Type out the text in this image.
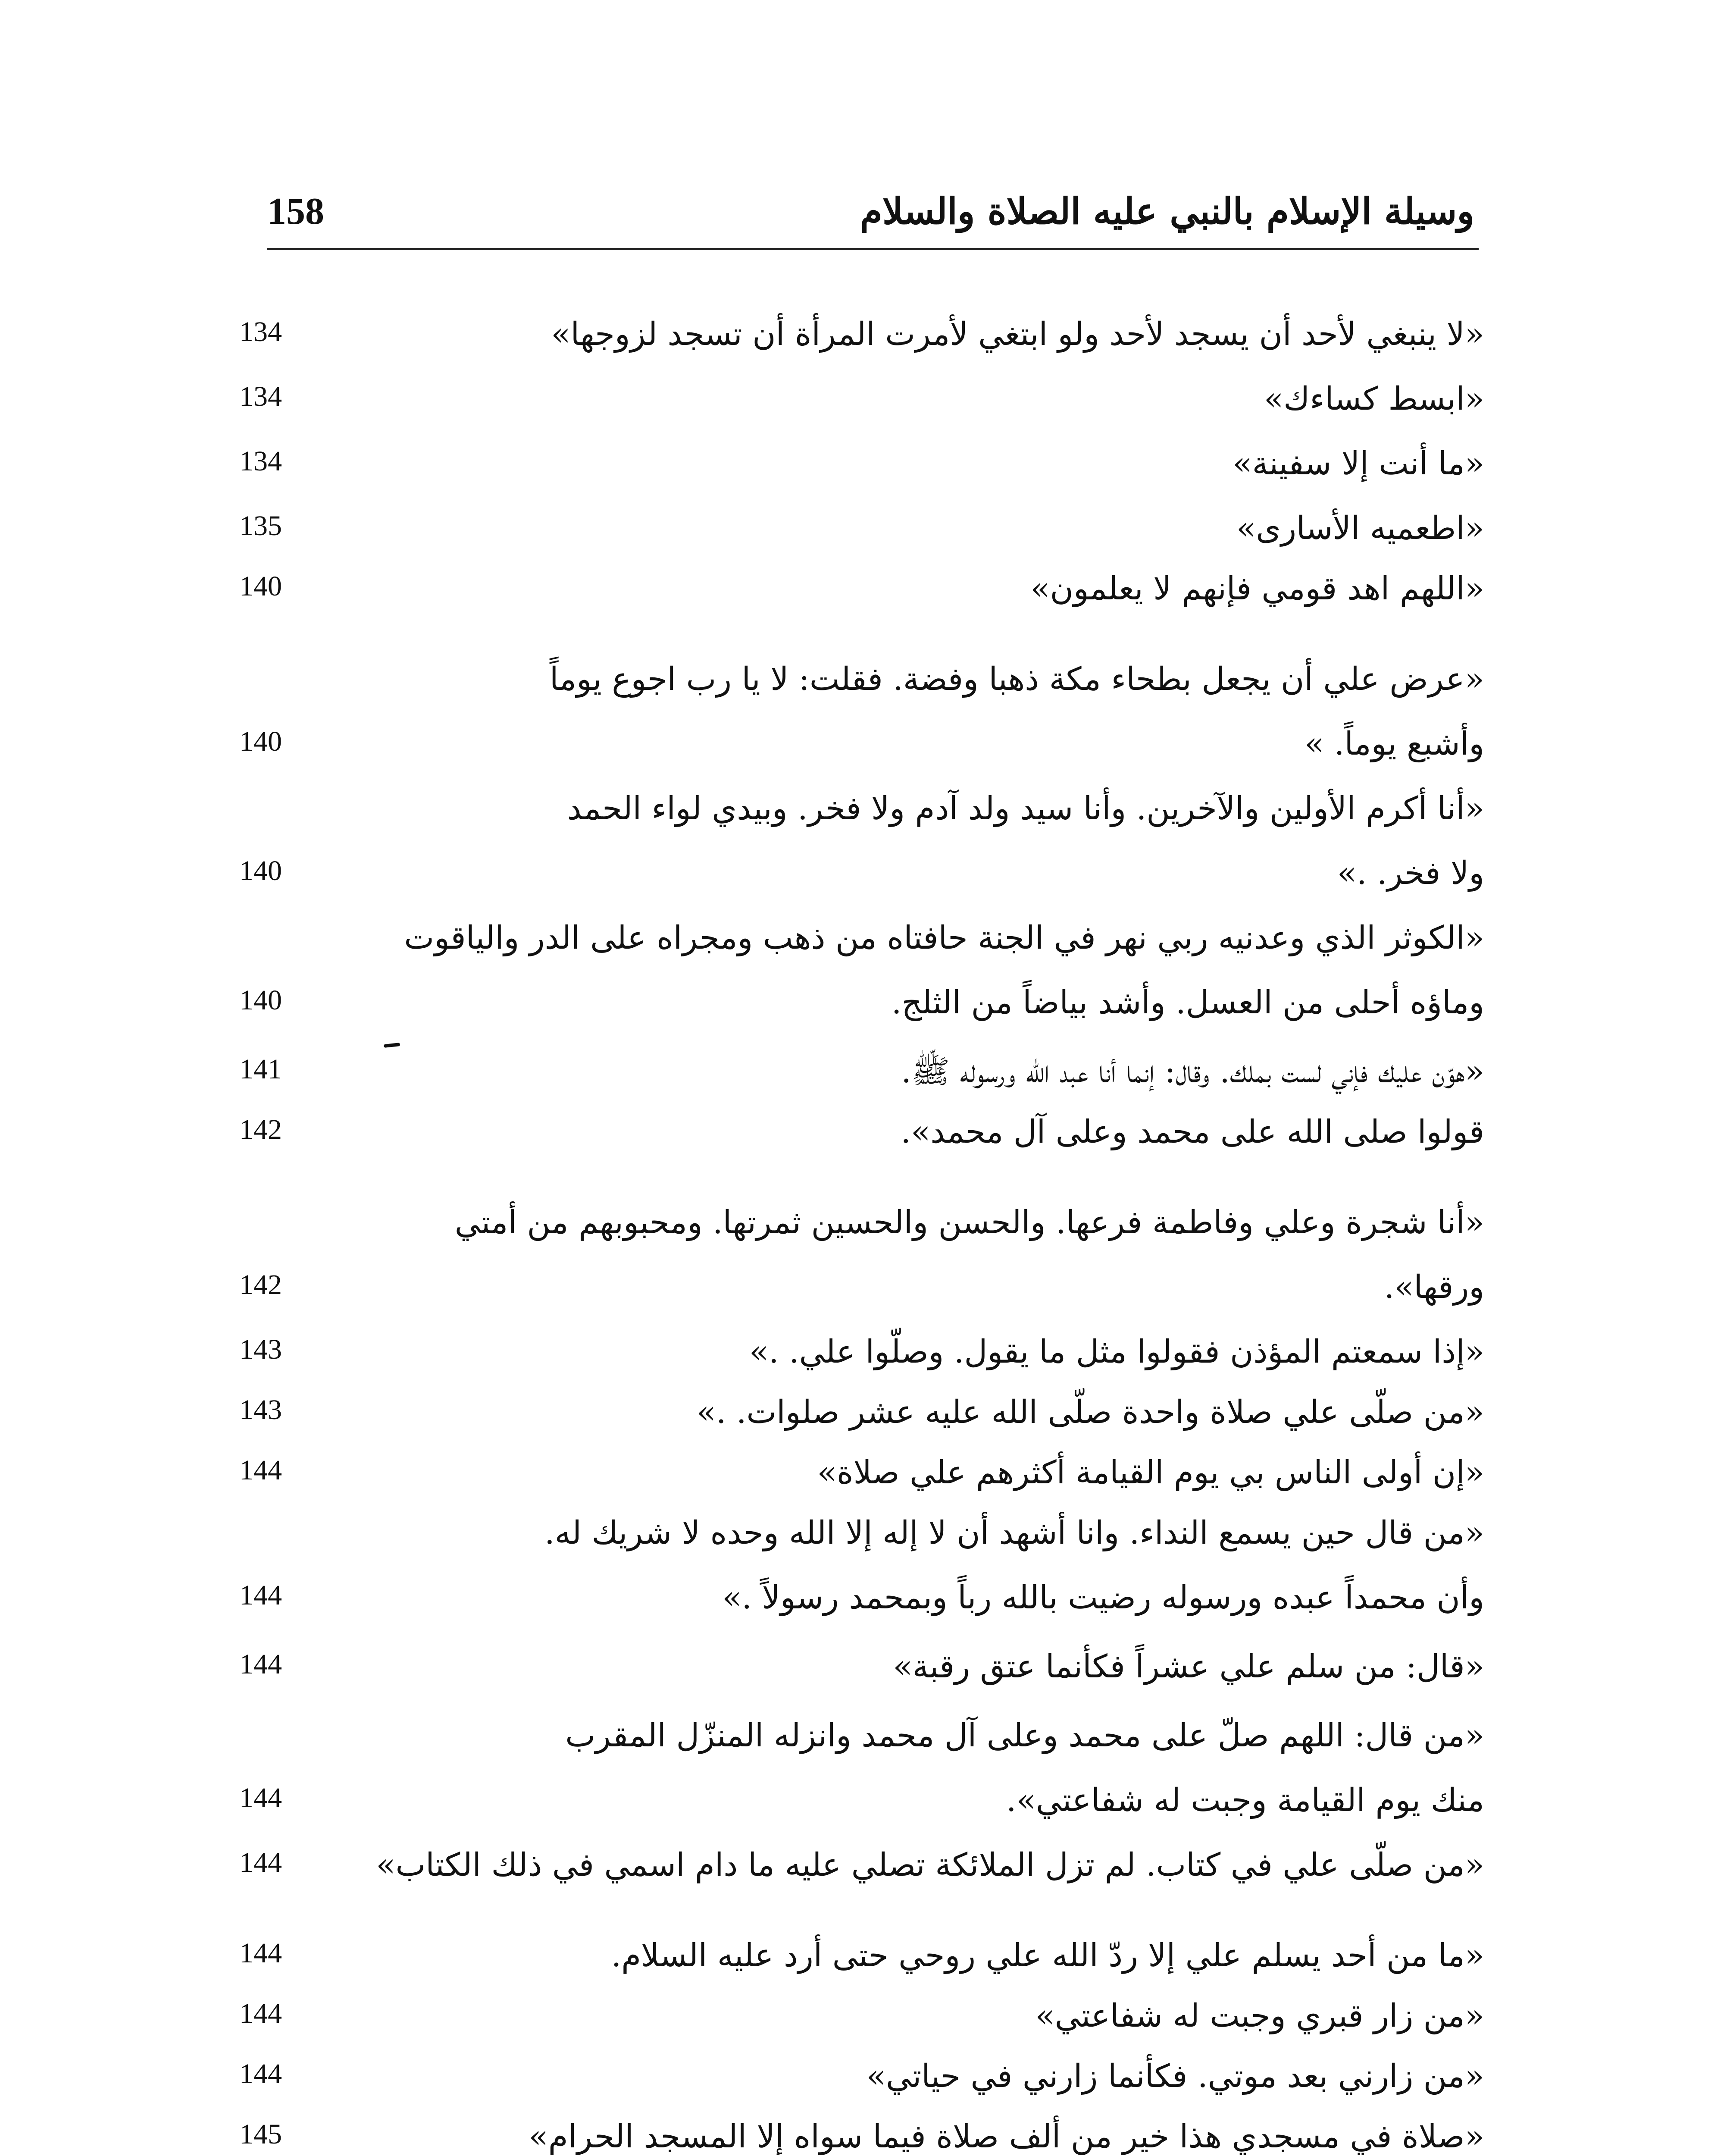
وسيلة الإسلام بالنبي عليه الصلاة والسلام
158
«لا ينبغي لأحد أن يسجد لأحد ولو ابتغي لأمرت المرأة أن تسجد لزوجها»
134
«ابسط كساءك»
134
«ما أنت إلا سفينة»
134
«اطعميه الأسارى»
135
«اللهم اهد قومي فإنهم لا يعلمون»
140
«عرض علي أن يجعل بطحاء مكة ذهبا وفضة. فقلت: لا يا رب اجوع يوماً
وأشبع يوماً. »
140
«أنا أكرم الأولين والآخرين. وأنا سيد ولد آدم ولا فخر. وبيدي لواء الحمد
ولا فخر. .»
140
«الكوثر الذي وعدنيه ربي نهر في الجنة حافتاه من ذهب ومجراه على الدر والياقوت
وماؤه أحلى من العسل. وأشد بياضاً من الثلج.
140
«هوّن عليك فإني لست بملك. وقال: إنما أنا عبد الله ورسوله ﷺ.
141
قولوا صلى الله على محمد وعلى آل محمد».
142
«أنا شجرة وعلي وفاطمة فرعها. والحسن والحسين ثمرتها. ومحبوبهم من أمتي
ورقها».
142
«إذا سمعتم المؤذن فقولوا مثل ما يقول. وصلّوا علي. .»
143
«من صلّى علي صلاة واحدة صلّى الله عليه عشر صلوات. .»
143
«إن أولى الناس بي يوم القيامة أكثرهم علي صلاة»
144
«من قال حين يسمع النداء. وانا أشهد أن لا إله إلا الله وحده لا شريك له.
وأن محمداً عبده ورسوله رضيت بالله رباً وبمحمد رسولاً .»
144
«قال: من سلم علي عشراً فكأنما عتق رقبة»
144
«من قال: اللهم صلّ على محمد وعلى آل محمد وانزله المنزّل المقرب
منك يوم القيامة وجبت له شفاعتي».
144
«من صلّى علي في كتاب. لم تزل الملائكة تصلي عليه ما دام اسمي في ذلك الكتاب»
144
«ما من أحد يسلم علي إلا ردّ الله علي روحي حتى أرد عليه السلام.
144
«من زار قبري وجبت له شفاعتي»
144
«من زارني بعد موتي. فكأنما زارني في حياتي»
144
«صلاة في مسجدي هذا خير من ألف صلاة فيما سواه إلا المسجد الحرام»
145
